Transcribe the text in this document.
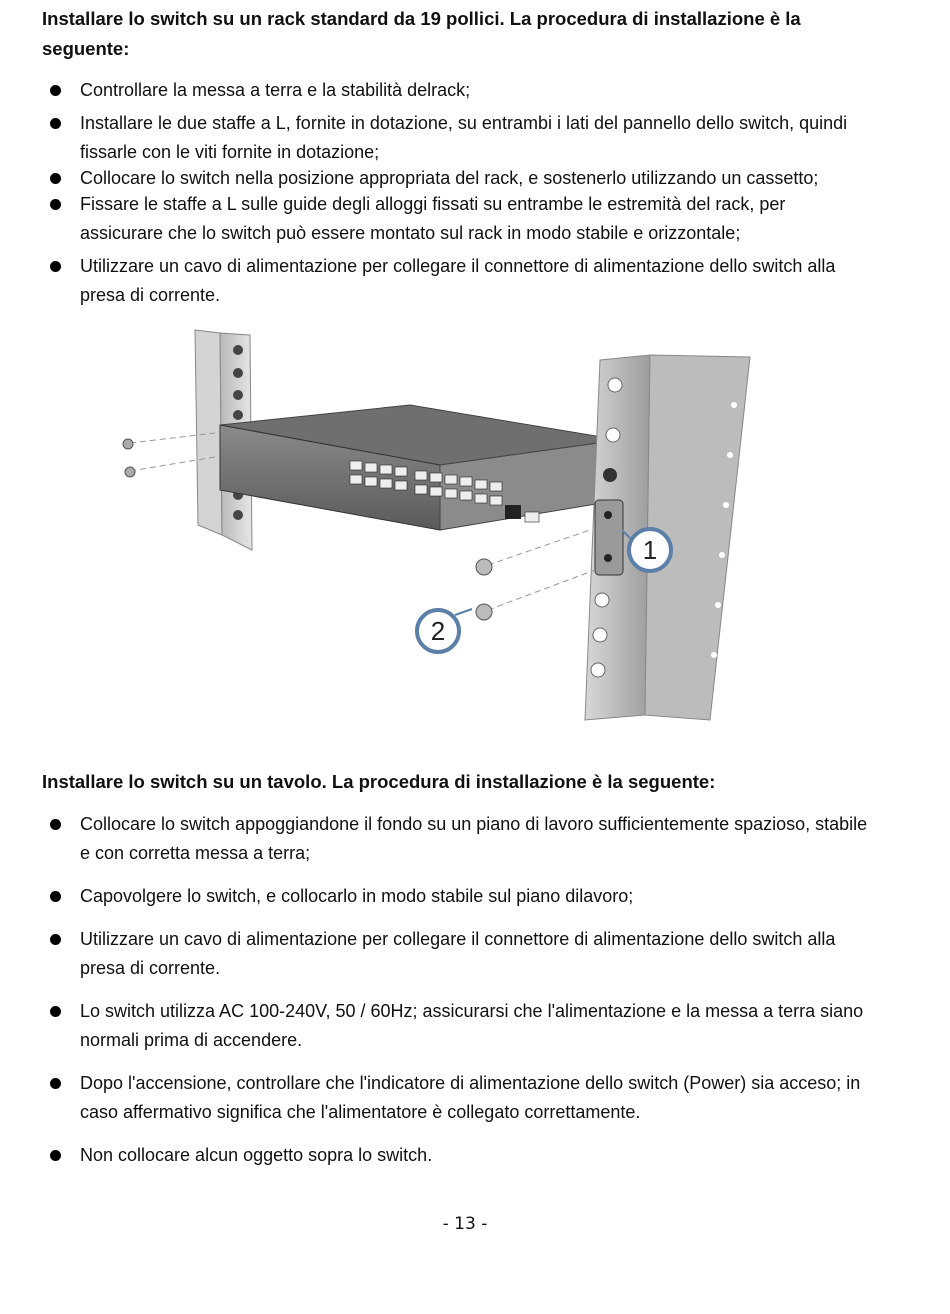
Installare lo switch su un rack standard da 19 pollici. La procedura di installazione è la seguente:
Controllare la messa a terra e la stabilità delrack;
Installare le due staffe a L, fornite in dotazione, su entrambi i lati del pannello dello switch, quindi fissarle con le viti fornite in dotazione;
Collocare lo switch nella posizione appropriata del rack, e sostenerlo utilizzando un cassetto;
Fissare le staffe a L sulle guide degli alloggi fissati su entrambe le estremità del rack, per assicurare che lo switch può essere montato sul rack in modo stabile e orizzontale;
Utilizzare un cavo di alimentazione per collegare il connettore di alimentazione dello switch alla presa di corrente.
1
2
Installare lo switch su un tavolo. La procedura di installazione è la seguente:
Collocare lo switch appoggiandone il fondo su un piano di lavoro sufficientemente spazioso, stabile e con corretta messa a terra;
Capovolgere lo switch, e collocarlo in modo stabile sul piano dilavoro;
Utilizzare un cavo di alimentazione per collegare il connettore di alimentazione dello switch alla presa di corrente.
Lo switch utilizza AC 100-240V, 50 / 60Hz; assicurarsi che l'alimentazione e la messa a terra siano normali prima di accendere.
Dopo l'accensione, controllare che l'indicatore di alimentazione dello switch (Power) sia acceso; in caso affermativo significa che l'alimentatore è collegato correttamente.
Non collocare alcun oggetto sopra lo switch.
- 13 -
